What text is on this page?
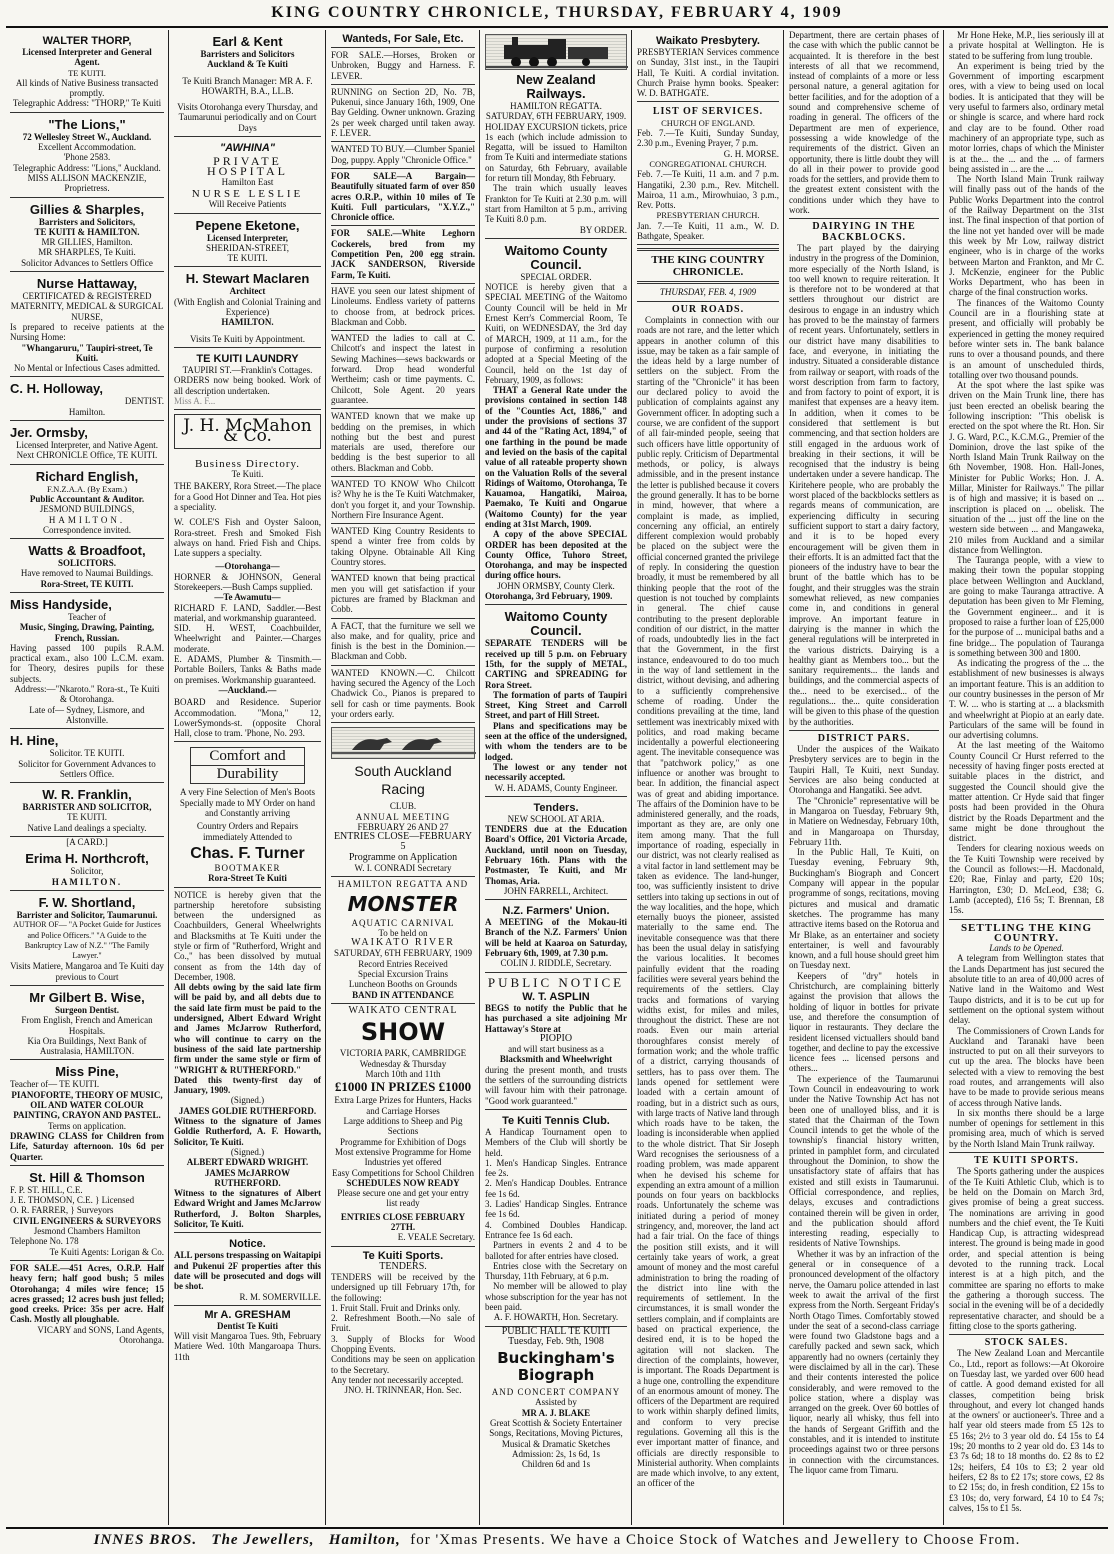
KING COUNTRY CHRONICLE, THURSDAY, FEBRUARY 4, 1909
WALTER THORP,
Licensed Interpreter and General Agent.
TE KUITI.
All kinds of Native Business transacted promptly.
Telegraphic Address: "THORP," Te Kuiti
"The Lions,"
72 Wellesley Street W., Auckland.
Excellent Accommodation.
'Phone 2583.
Telegraphic Address: "Lions," Auckland.
MISS ALLISON MACKENZIE, Proprietress.
Gillies & Sharples,
Barristers and Solicitors,
TE KUITI & HAMILTON.
MR GILLIES, Hamilton.
MR SHARPLES, Te Kuiti.
Solicitor Advances to Settlers Office
Nurse Hattaway,
CERTIFICATED & REGISTERED MATERNITY, MEDICAL & SURGICAL NURSE,
Is prepared to receive patients at the Nursing Home:
"Whangaruru," Taupiri-street, Te Kuiti.
No Mental or Infectious Cases admitted.
C. H. Holloway,
DENTIST.
Hamilton.
Jer. Ormsby,
Licensed Interpreter, and Native Agent.
Next CHRONICLE Office, TE KUITI.
Richard English,
F.N.Z.A.A. (By Exam.)
Public Accountant & Auditor.
JESMOND BUILDINGS,
HAMILTON.
Correspondence invited.
Watts & Broadfoot,
SOLICITORS.
Have removed to Naumai Buildings.
Rora-Street, TE KUITI.
Miss Handyside,
Teacher of
Music, Singing, Drawing, Painting, French, Russian.
Having passed 100 pupils R.A.M. practical exam., also 100 L.C.M. exam. for Theory, desires pupils for these subjects.
Address:—"Nkaroto." Rora-st., Te Kuiti & Otorohanga.
Late of— Sydney, Lismore, and Alstonville.
H. Hine,
Solicitor. TE KUITI.
Solicitor for Government Advances to Settlers Office.
W. R. Franklin,
BARRISTER AND SOLICITOR,
TE KUITI.
Native Land dealings a specialty.
[A CARD.]
Erima H. Northcroft,
Solicitor,
HAMILTON.
F. W. Shortland,
Barrister and Solicitor, Taumarunui.
AUTHOR OF— "A Pocket Guide for Justices and Police Officers." "A Guide to the Bankruptcy Law of N.Z." "The Family Lawyer."
Visits Matiere, Mangaroa and Te Kuiti day previous to Court
Mr Gilbert B. Wise,
Surgeon Dentist.
From English, French and American Hospitals.
Kia Ora Buildings, Next Bank of Australasia, HAMILTON.
Miss Pine,
Teacher of— TE KUITI.
PIANOFORTE, THEORY OF MUSIC, OIL AND WATER COLOUR PAINTING, CRAYON AND PASTEL.
Terms on application.
DRAWING CLASS for Children from Life, Saturday afternoon. 10s 6d per Quarter.
St. Hill & Thomson
F. P. ST. HILL, C.E.
J. E. THOMSON, C.E. } Licensed
O. R. FARRER, } Surveyors
CIVIL ENGINEERS & SURVEYORS
Jesmond Chambers Hamilton
Telephone No. 178
Te Kuiti Agents: Lorigan & Co.
FOR SALE.—451 Acres, O.R.P. Half heavy fern; half good bush; 5 miles Otorohanga; 4 miles wire fence; 15 acres grassed; 12 acres bush just felled; good creeks. Price: 35s per acre. Half Cash. Mostly all ploughable.
VICARY and SONS, Land Agents, Otorohanga.
Earl & Kent
Barristers and Solicitors
Auckland & Te Kuiti
Te Kuiti Branch Manager: MR A. F. HOWARTH, B.A., LL.B.
Visits Otorohanga every Thursday, and Taumarunui periodically and on Court Days
"AWHINA"
PRIVATE HOSPITAL
Hamilton East
NURSE LESLIE
Will Receive Patients
Pepene Eketone,
Licensed Interpreter,
SHERIDAN-STREET,
TE KUITI.
H. Stewart Maclaren
Architect
(With English and Colonial Training and Experience)
HAMILTON.
Visits Te Kuiti by Appointment.
TE KUITI LAUNDRY
TAUPIRI ST.—Franklin's Cottages.
ORDERS now being booked. Work of all description undertaken.
Miss A. F...
J. H. McMahon & Co.
Business Directory.
Te Kuiti.
THE BAKERY, Rora Street.—The place for a Good Hot Dinner and Tea. Hot pies a speciality.
W. COLE'S Fish and Oyster Saloon, Rora-street. Fresh and Smoked Fish always on hand. Fried Fish and Chips. Late suppers a specialty.
—Otorohanga—
HORNER & JOHNSON, General Storekeepers.—Bush Camps supplied.
—Te Awamutu—
RICHARD F. LAND, Saddler.—Best material, and workmanship guaranteed.
SID. H. WEST, Coachbuilder, Wheelwright and Painter.—Charges moderate.
E. ADAMS, Plumber & Tinsmith.—Portable Boilers, Tanks & Baths made on premises. Workmanship guaranteed.
—Auckland.—
BOARD and Residence. Superior Accommodation. "Mona," 12, LowerSymonds-st. (opposite Choral Hall, close to tram. 'Phone, No. 293.
Comfort and
Durability
A very Fine Selection of Men's Boots Specially made to MY Order on hand and Constantly arriving
Country Orders and Repairs immediately Attended to
Chas. F. Turner
BOOTMAKER
Rora-Street Te Kuiti
NOTICE is hereby given that the partnership heretofore subsisting between the undersigned as Coachbuilders, General Wheelwrights and Blacksmiths at Te Kuiti under the style or firm of "Rutherford, Wright and Co.," has been dissolved by mutual consent as from the 14th day of December, 1908.
All debts owing by the said late firm will be paid by, and all debts due to the said late firm must be paid to the undersigned, Albert Edward Wright and James McJarrow Rutherford, who will continue to carry on the business of the said late partnership firm under the same style or firm of "WRIGHT & RUTHERFORD."
Dated this twenty-first day of January, 1909.
(Signed.)
JAMES GOLDIE RUTHERFORD.
Witness to the signature of James Goldie Rutherford, A. F. Howarth, Solicitor, Te Kuiti.
(Signed.)
ALBERT EDWARD WRIGHT.
JAMES McJARROW RUTHERFORD.
Witness to the signatures of Albert Edward Wright and James McJarrow Rutherford, J. Bolton Sharples, Solicitor, Te Kuiti.
Notice.
ALL persons trespassing on Waitapipi and Pukenui 2F properties after this date will be prosecuted and dogs will be shot.
R. M. SOMERVILLE.
Mr A. GRESHAM
Dentist Te Kuiti
Will visit Mangaroa Tues. 9th, February Matiere Wed. 10th Mangaroapa Thurs. 11th
Wanteds, For Sale, Etc.
FOR SALE.—Horses, Broken or Unbroken, Buggy and Harness. F. LEVER.
RUNNING on Section 2D, No. 7B, Pukenui, since January 16th, 1909, One Bay Gelding. Owner unknown. Grazing 2s per week charged until taken away. F. LEVER.
WANTED TO BUY.—Clumber Spaniel Dog, puppy. Apply "Chronicle Office."
FOR SALE—A Bargain—Beautifully situated farm of over 850 acres O.R.P., within 10 miles of Te Kuiti. Full particulars, "X.Y.Z.," Chronicle office.
FOR SALE.—White Leghorn Cockerels, bred from my Competition Pen, 200 egg strain. JACK SANDERSON, Riverside Farm, Te Kuiti.
HAVE you seen our latest shipment of Linoleums. Endless variety of patterns to choose from, at bedrock prices. Blackman and Cobb.
WANTED the ladies to call at C. Chilcott's and inspect the latest in Sewing Machines—sews backwards or forward. Drop head wonderful Wertheim; cash or time payments. C. Chilcott, Sole Agent. 20 years guarantee.
WANTED known that we make up bedding on the premises, in which nothing but the best and purest materials are used, therefore our bedding is the best superior to all others. Blackman and Cobb.
WANTED TO KNOW Who Chilcott is? Why he is the Te Kuiti Watchmaker, don't you forget it, and your Township. Northern Fire Insurance Agent.
WANTED King Country Residents to spend a winter free from colds by taking Olpyne. Obtainable All King Country stores.
WANTED known that being practical men you will get satisfaction if your pictures are framed by Blackman and Cobb.
A FACT, that the furniture we sell we also make, and for quality, price and finish is the best in the Dominion.—Blackman and Cobb.
WANTED KNOWN.—C. Chilcott having secured the Agency of the Loch Chadwick Co., Pianos is prepared to sell for cash or time payments. Book your orders early.
South Auckland Racing
CLUB.
ANNUAL MEETING
FEBRUARY 26 AND 27
ENTRIES CLOSE—FEBRUARY 5
Programme on Application
W. I. CONRADI Secretary
HAMILTON REGATTA AND
MONSTER
AQUATIC CARNIVAL
To be held on
WAIKATO RIVER
SATURDAY, 6TH FEBRUARY, 1909
Record Entries Received
Special Excursion Trains
Luncheon Booths on Grounds
BAND IN ATTENDANCE
WAIKATO CENTRAL
SHOW
VICTORIA PARK, CAMBRIDGE
Wednesday & Thursday
March 10th and 11th
£1000 IN PRIZES £1000
Extra Large Prizes for Hunters, Hacks and Carriage Horses
Large additions to Sheep and Pig Sections
Programme for Exhibition of Dogs
Most extensive Programme for Home Industries yet offered
Easy Competitions for School Children
SCHEDULES NOW READY
Please secure one and get your entry list ready
ENTRIES CLOSE FEBRUARY 27TH.
E. VEALE Secretary.
Te Kuiti Sports.
TENDERS.
TENDERS will be received by the undersigned up till February 17th, for the following:
1. Fruit Stall. Fruit and Drinks only.
2. Refreshment Booth.—No sale of Fruit.
3. Supply of Blocks for Wood Chopping Events.
Conditions may be seen on application to the Secretary.
Any tender not necessarily accepted.
JNO. H. TRINNEAR, Hon. Sec.
New Zealand Railways.
HAMILTON REGATTA.
SATURDAY, 6TH FEBRUARY, 1909.
HOLIDAY EXCURSION tickets, price 1s each (which include admission to Regatta, will be issued to Hamilton from Te Kuiti and intermediate stations on Saturday, 6th February, available for return till Monday, 8th February.
The train which usually leaves Frankton for Te Kuiti at 2.30 p.m. will start from Hamilton at 5 p.m., arriving Te Kuiti 8.0 p.m.
BY ORDER.
Waitomo County Council.
SPECIAL ORDER.
NOTICE is hereby given that a SPECIAL MEETING of the Waitomo County Council will be held in Mr Ernest Kerr's Commercial Room, Te Kuiti, on WEDNESDAY, the 3rd day of MARCH, 1909, at 11 a.m., for the purpose of confirming a resolution adopted at a Special Meeting of the Council, held on the 1st day of February, 1909, as follows:
THAT a General Rate under the provisions contained in section 148 of the "Counties Act, 1886," and under the provisions of sections 37 and 44 of the "Rating Act, 1894," of one farthing in the pound be made and levied on the basis of the capital value of all rateable property shown on the Valuation Rolls of the several Ridings of Waitomo, Otorohanga, Te Kauamoa, Hangatiki, Mairoa, Paemako, Te Kuiti and Ongarue (Waitomo County) for the year ending at 31st March, 1909.
A copy of the above SPECIAL ORDER has been deposited at the County Office, Tuhoro Street, Otorohanga, and may be inspected during office hours.
JOHN ORMSBY, County Clerk.
Otorohanga, 3rd February, 1909.
Waitomo County Council.
SEPARATE TENDERS will be received up till 5 p.m. on February 15th, for the supply of METAL, CARTING and SPREADING for Rora Street.
The formation of parts of Taupiri Street, King Street and Carroll Street, and part of Hill Street.
Plans and specifications may be seen at the office of the undersigned, with whom the tenders are to be lodged.
The lowest or any tender not necessarily accepted.
W. H. ADAMS, County Engineer.
Tenders.
NEW SCHOOL AT ARIA.
TENDERS due at the Education Board's Office, 201 Victoria Arcade, Auckland, until noon on Tuesday, February 16th. Plans with the Postmaster, Te Kuiti, and Mr Thomas, Aria.
JOHN FARRELL, Architect.
N.Z. Farmers' Union.
A MEETING of the Mokau-iti Branch of the N.Z. Farmers' Union will be held at Kaaroa on Saturday, February 6th, 1909, at 7.30 p.m.
COLIN J. RIDDLE, Secretary.
PUBLIC NOTICE
W. T. ASPLIN
BEGS to notify the Public that he has purchased a site adjoining Mr Hattaway's Store at
PIOPIO
and will start business as a
Blacksmith and Wheelwright
during the present month, and trusts the settlers of the surrounding districts will favour him with their patronage. "Good work guaranteed."
Te Kuiti Tennis Club.
A Handicap Tournament open to Members of the Club will shortly be held.
1. Men's Handicap Singles. Entrance fee 2s.
2. Men's Handicap Doubles. Entrance fee 1s 6d.
3. Ladies' Handicap Singles. Entrance fee 1s 6d.
4. Combined Doubles Handicap. Entrance fee 1s 6d each.
Partners in events 2 and 4 to be balloted for after entries have closed.
Entries close with the Secretary on Thursday, 11th February, at 6 p.m.
No member will be allowed to play whose subscription for the year has not been paid.
A. F. HOWARTH, Hon. Secretary.
PUBLIC HALL TE KUITI
Tuesday, Feb. 9th, 1908
Buckingham's Biograph
AND CONCERT COMPANY
Assisted by
MR A. J. BLAKE
Great Scottish & Society Entertainer
Songs, Recitations, Moving Pictures, Musical & Dramatic Sketches
Admission: 2s, 1s 6d, 1s
Children 6d and 1s
Waikato Presbytery.
PRESBYTERIAN Services commence on Sunday, 31st inst., in the Taupiri Hall, Te Kuiti. A cordial invitation. Church Praise hymn books. Speaker: W. D. BATHGATE.
LIST OF SERVICES.
CHURCH OF ENGLAND.
Feb. 7.—Te Kuiti, Sunday Sunday, 2.30 p.m., Evening Prayer, 7 p.m.
G. H. MORSE.
CONGREGATIONAL CHURCH.
Feb. 7.—Te Kuiti, 11 a.m. and 7 p.m. Hangatiki, 2.30 p.m., Rev. Mitchell. Mairoa, 11 a.m., Mirowhuiao, 3 p.m., Rev. Potts.
PRESBYTERIAN CHURCH.
Jan. 7.—Te Kuiti, 11 a.m., W. D. Bathgate, Speaker.
THE KING COUNTRY CHRONICLE.
THURSDAY, FEB. 4, 1909
OUR ROADS.
Complaints in connection with our roads are not rare, and the letter which appears in another column of this issue, may be taken as a fair sample of the ideas held by a large number of settlers on the subject. From the starting of the "Chronicle" it has been our declared policy to avoid the publication of complaints against any Government officer. In adopting such a course, we are confident of the support of all fair-minded people, seeing that such officers have little opportunity of public reply. Criticism of Departmental methods, or policy, is always admissible, and in the present instance the letter is published because it covers the ground generally. It has to be borne in mind, however, that where a complaint is made, as implied, concerning any official, an entirely different complexion would probably be placed on the subject were the official concerned granted the privilege of reply. In considering the question broadly, it must be remembered by all thinking people that the root of the question is not touched by complaints in general. The chief cause contributing to the present deplorable condition of our district, in the matter of roads, undoubtedly lies in the fact that the Government, in the first instance, endeavoured to do too much in the way of land settlement in the district, without devising, and adhering to a sufficiently comprehensive scheme of roading. Under the conditions prevailing at the time, land settlement was inextricably mixed with politics, and road making became incidentally a powerful electioneering agent. The inevitable consequence was that "patchwork policy," as one influence or another was brought to bear. In addition, the financial aspect was of great and abiding importance. The affairs of the Dominion have to be administered generally, and the roads, important as they are, are only one item among many. That the full importance of roading, especially in our district, was not clearly realised as a vital factor in land settlement may be taken as evidence. The land-hunger, too, was sufficiently insistent to drive settlers into taking up sections in out of the way localities, and the hope, which eternally buoys the pioneer, assisted materially to the same end. The inevitable consequence was that there has been the usual delay in satisfying the various localities. It becomes painfully evident that the roading facilities were several years behind the requirements of the settlers. Clay tracks and formations of varying widths exist, for miles and miles, throughout the district. These are not roads. Even our main arterial thoroughfares consist merely of formation work; and the whole traffic of a district, carrying thousands of settlers, has to pass over them. The lands opened for settlement were loaded with a certain amount of roading, but in a district such as ours, with large tracts of Native land through which roads have to be taken, the loading is inconsiderable when applied to the whole district. That Sir Joseph Ward recognises the seriousness of a roading problem, was made apparent when he devised his scheme for expending an extra amount of a million pounds on four years on backblocks roads. Unfortunately the scheme was initiated during a period of money stringency, and, moreover, the land act had a fair trial. On the face of things the position still exists, and it will certainly take years of work, a great amount of money and the most careful administration to bring the roading of the district into line with the requirements of settlement. In the circumstances, it is small wonder the settlers complain, and if complaints are based on practical experience, the desired end, it is to be hoped the agitation will not slacken. The direction of the complaints, however, is important. The Roads Department is a huge one, controlling the expenditure of an enormous amount of money. The officers of the Department are required to work within sharply defined limits, and conform to very precise regulations. Governing all this is the ever important matter of finance, and officials are directly responsible to Ministerial authority. When complaints are made which involve, to any extent, an officer of the
Department, there are certain phases of the case with which the public cannot be acquainted. It is therefore in the best interests of all that we recommend, instead of complaints of a more or less personal nature, a general agitation for better facilities, and for the adoption of a sound and comprehensive scheme of roading in general. The officers of the Department are men of experience, possessing a wide knowledge of the requirements of the district. Given an opportunity, there is little doubt they will do all in their power to provide good roads for the settlers, and provide them to the greatest extent consistent with the conditions under which they have to work.
DAIRYING IN THE BACKBLOCKS.
The part played by the dairying industry in the progress of the Dominion, more especially of the North Island, is too well known to require reiteration. It is therefore not to be wondered at that settlers throughout our district are desirous to engage in an industry which has proved to be the mainstay of farmers of recent years. Unfortunately, settlers in our district have many disabilities to face, and everyone, in initiating the industry. Situated a considerable distance from railway or seaport, with roads of the worst description from farm to factory, and from factory to point of export, it is manifest that expenses are a heavy item. In addition, when it comes to be considered that settlement is but commencing, and that section holders are still engaged in the arduous work of breaking in their sections, it will be recognised that the industry is being undertaken under a severe handicap. The Kiritehere people, who are probably the worst placed of the backblocks settlers as regards means of communication, are experiencing difficulty in securing sufficient support to start a dairy factory, and it is to be hoped every encouragement will be given them in their efforts. It is an admitted fact that the pioneers of the industry have to bear the brunt of the battle which has to be fought, and their struggles was the strain somewhat relieved, as new companies come in, and conditions in general improve. An important feature in dairying is the manner in which the general regulations will be interpreted in the various districts. Dairying is a healthy giant as Members too... but the sanitary requirements... the lands and buildings, and the commercial aspects of the... need to be exercised... of the regulations... the... quite consideration will be given to this phase of the question by the authorities.
DISTRICT PARS.
Under the auspices of the Waikato Presbytery services are to begin in the Taupiri Hall, Te Kuiti, next Sunday. Services are also being conducted at Otorohanga and Hangatiki. See advt.
The "Chronicle" representative will be in Mangaroa on Tuesday, February 9th, in Matiere on Wednesday, February 10th, and in Mangaroapa on Thursday, February 11th.
In the Public Hall, Te Kuiti, on Tuesday evening, February 9th, Buckingham's Biograph and Concert Company will appear in the popular programme of songs, recitations, moving pictures and musical and dramatic sketches. The programme has many attractive items based on the Rotorua and Mr Blake, as an entertainer and society entertainer, is well and favourably known, and a full house should greet him on Tuesday next.
Keepers of "dry" hotels in Christchurch, are complaining bitterly against the provision that allows the holding of liquor in bottles for private use, and therefore the consumption of liquor in restaurants. They declare the resident licensed victuallers should band together, and decline to pay the excessive licence fees ... licensed persons and others...
The experience of the Taumarunui Town Council in endeavouring to work under the Native Township Act has not been one of unalloyed bliss, and it is stated that the Chairman of the Town Council intends to get the whole of the township's financial history written, printed in pamphlet form, and circulated throughout the Dominion, to show the unsatisfactory state of affairs that has existed and still exists in Taumarunui. Official correspondence, and replies, delays, excuses and contradictions contained therein will be given in order, and the publication should afford interesting reading, especially to residents of Native Townships.
Whether it was by an infraction of the general or in consequence of a pronounced development of the olfactory nerve, the Oamaru police attended in last week to await the arrival of the first express from the North. Sergeant Friday's North Otago Times. Comfortably stowed under the seat of a second-class carriage were found two Gladstone bags and a carefully packed and sewn sack, which apparently had no owners (certainly they were disclaimed by all in the car). These and their contents interested the police considerably, and were removed to the police station, where a display was arranged on the greek. Over 60 bottles of liquor, nearly all whisky, thus fell into the hands of Sergeant Griffith and the constables, and it is intended to institute proceedings against two or three persons in connection with the circumstances. The liquor came from Timaru.
Mr Hone Heke, M.P., lies seriously ill at a private hospital at Wellington. He is stated to be suffering from lung trouble.
An experiment is being tried by the Government of importing escarpment ores, with a view to being used on local bodies. It is anticipated that they will be very useful to farmers also, ordinary metal or shingle is scarce, and where hard rock and clay are to be found. Other road machinery of an appropriate type, such as motor lorries, chaps of which the Minister is at the... the ... and the ... of farmers being assisted in ... are the ...
The North Island Main Trunk railway will finally pass out of the hands of the Public Works Department into the control of the Railway Department on the 31st inst. The final inspection of that portion of the line not yet handed over will be made this week by Mr Low, railway district engineer, who is in charge of the works between Marton and Frankton, and Mr C. J. McKenzie, engineer for the Public Works Department, who has been in charge of the final construction works.
The finances of the Waitomo County Council are in a flourishing state at present, and officially will probably be experienced in getting the money required before winter sets in. The bank balance runs to over a thousand pounds, and there is an amount of unscheduled thirds, totalling over two thousand pounds.
At the spot where the last spike was driven on the Main Trunk line, there has just been erected an obelisk bearing the following inscription: "This obelisk is erected on the spot where the Rt. Hon. Sir J. G. Ward, P.C., K.C.M.G., Premier of the Dominion, drove the last spike of the North Island Main Trunk Railway on the 6th November, 1908. Hon. Hall-Jones, Minister for Public Works; Hon. J. A. Millar, Minister for Railways." The pillar is of high and massive; it is based on ... inscription is placed on ... obelisk. The situation of the ... just off the line on the western side between ... and Mangaweka, 210 miles from Auckland and a similar distance from Wellington.
The Tauranga people, with a view to making their town the popular stopping place between Wellington and Auckland, are going to make Tauranga attractive. A deputation has been given to Mr Fleming, the Government engineer... and it is proposed to raise a further loan of £25,000 for the purpose of ... municipal baths and a fine bridge... The population of Tauranga is something between 300 and 1800.
As indicating the progress of the ... the establishment of new businesses is always an important feature. This is an addition to our country businesses in the person of Mr T. W. ... who is starting at ... a blacksmith and wheelwright at Piopio at an early date. Particulars of the same will be found in our advertising columns.
At the last meeting of the Waitomo County Council Cr Hurst referred to the necessity of having finger posts erected at suitable places in the district, and suggested the Council should give the matter attention. Cr Hyde said that finger posts had been provided in the Ohura district by the Roads Department and the same might be done throughout the district.
Tenders for clearing noxious weeds on the Te Kuiti Township were received by the Council as follows:—H. Macdonald, £20; Rae, Finlay and party, £20 10s; Harrington, £30; D. McLeod, £38; G. Lamb (accepted), £16 5s; T. Brennan, £8 15s.
SETTLING THE KING COUNTRY.
Lands to be Opened.
A telegram from Wellington states that the Lands Department has just secured the absolute title to an area of 40,000 acres of Native land in the Waitomo and West Taupo districts, and it is to be cut up for settlement on the optional system without delay.
The Commissioners of Crown Lands for Auckland and Taranaki have been instructed to put on all their surveyors to cut up the area. The blocks have been selected with a view to removing the best road routes, and arrangements will also have to be made to provide serious means of access through Native lands.
In six months there should be a large number of openings for settlement in this promising area, much of which is served by the North Island Main Trunk railway.
TE KUITI SPORTS.
The Sports gathering under the auspices of the Te Kuiti Athletic Club, which is to be held on the Domain on March 3rd, gives promise of being a great success. The nominations are arriving in good numbers and the chief event, the Te Kuiti Handicap Cup, is attracting widespread interest. The ground is being made in good order, and special attention is being devoted to the running track. Local interest is at a high pitch, and the committee are sparing no efforts to make the gathering a thorough success. The social in the evening will be of a decidedly representative character, and should be a fitting close to the sports gathering.
STOCK SALES.
The New Zealand Loan and Mercantile Co., Ltd., report as follows:—At Okoroire on Tuesday last, we yarded over 600 head of cattle. A good demand existed for all classes, competition being brisk throughout, and every lot changed hands at the owners' or auctioneer's. Three and a half year old steers made from £5 12s to £5 16s; 2½ to 3 year old do. £4 15s to £4 19s; 20 months to 2 year old do. £3 14s to £3 7s 6d; 18 to 18 months do. £2 8s to £2 12s; heifers, £4 10s to £3; 2 year old heifers, £2 8s to £2 17s; store cows, £2 8s to £2 15s; do, in fresh condition, £2 15s to £3 10s; do, very forward, £4 10 to £4 7s; calves, 15s to £1 5s.
INNES BROS. The Jewellers, Hamilton, for 'Xmas Presents. We have a Choice Stock of Watches and Jewellery to Choose From.
